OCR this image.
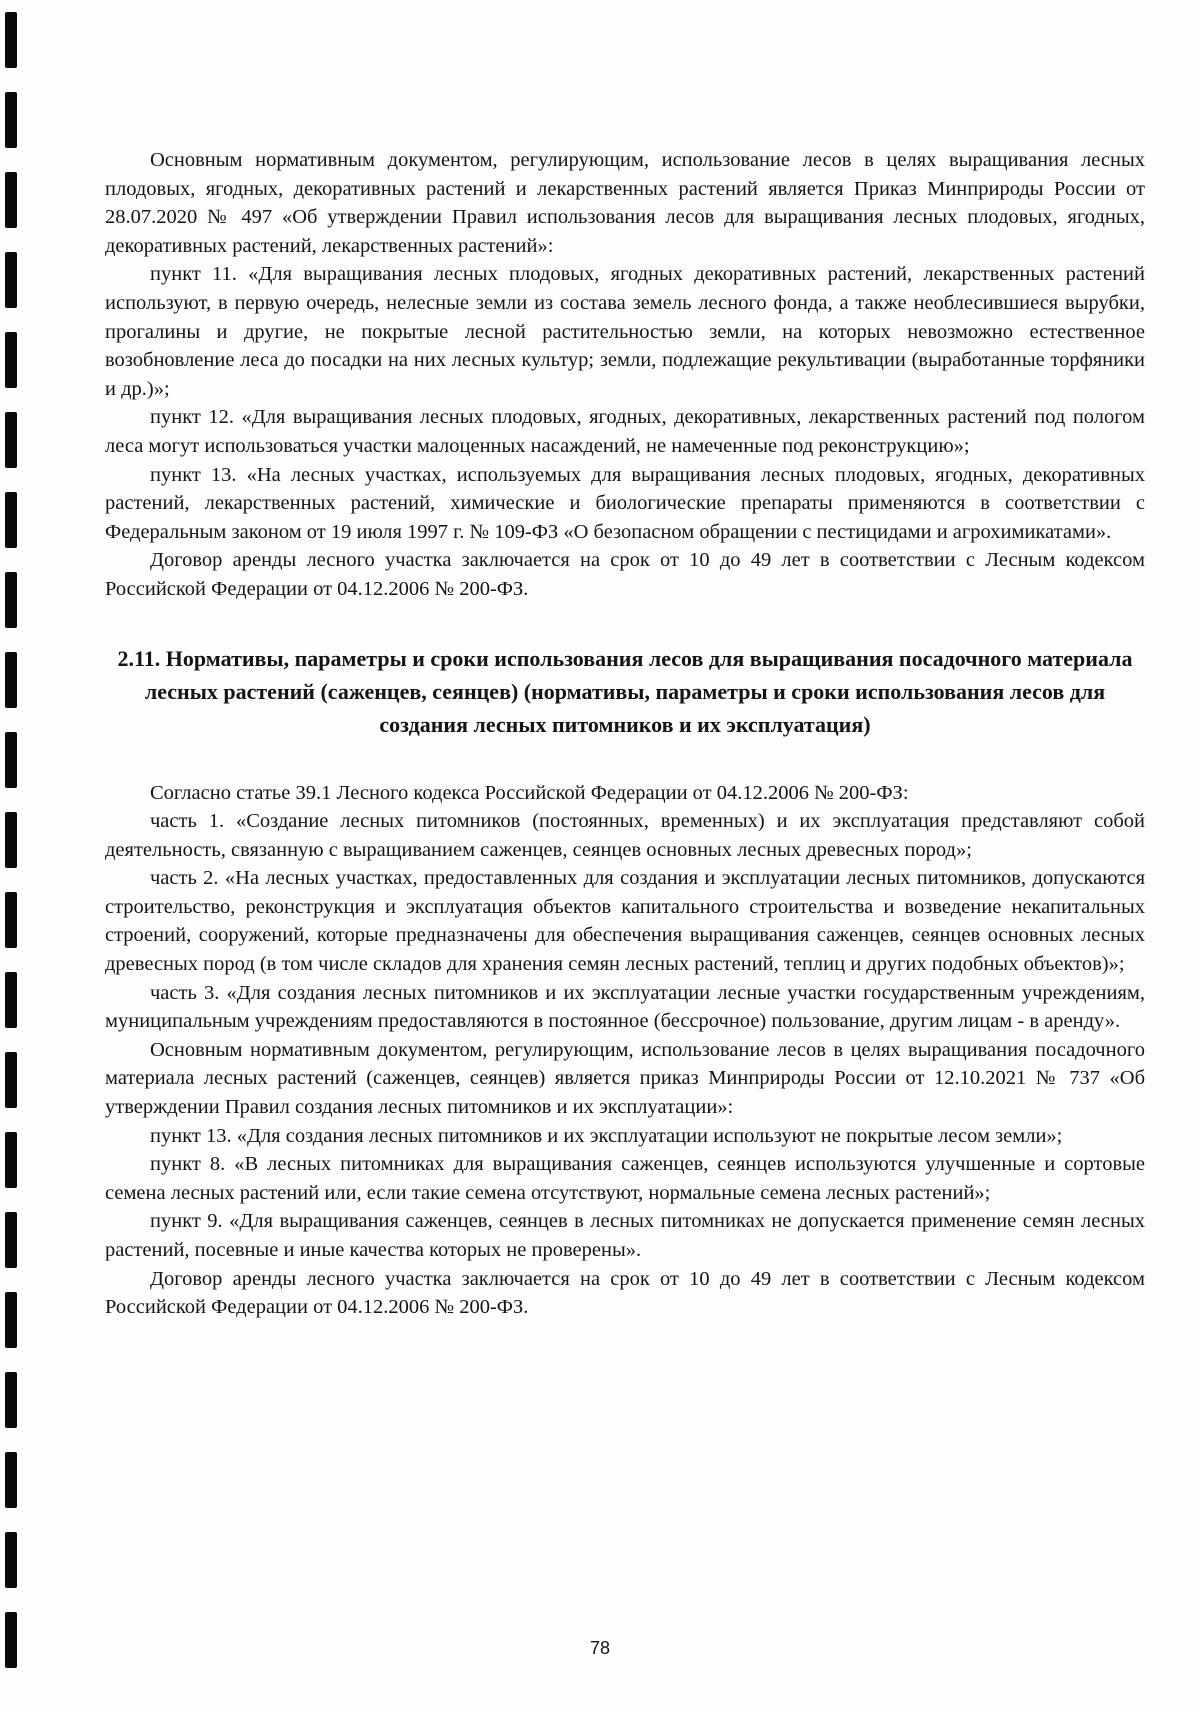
Основным нормативным документом, регулирующим, использование лесов в целях выращивания лесных плодовых, ягодных, декоративных растений и лекарственных растений является Приказ Минприроды России от 28.07.2020 № 497 «Об утверждении Правил использования лесов для выращивания лесных плодовых, ягодных, декоративных растений, лекарственных растений»:

пункт 11. «Для выращивания лесных плодовых, ягодных декоративных растений, лекарственных растений используют, в первую очередь, нелесные земли из состава земель лесного фонда, а также необлесившиеся вырубки, прогалины и другие, не покрытые лесной растительностью земли, на которых невозможно естественное возобновление леса до посадки на них лесных культур; земли, подлежащие рекультивации (выработанные торфяники и др.)»;

пункт 12. «Для выращивания лесных плодовых, ягодных, декоративных, лекарственных растений под пологом леса могут использоваться участки малоценных насаждений, не намеченные под реконструкцию»;

пункт 13. «На лесных участках, используемых для выращивания лесных плодовых, ягодных, декоративных растений, лекарственных растений, химические и биологические препараты применяются в соответствии с Федеральным законом от 19 июля 1997 г. № 109-ФЗ «О безопасном обращении с пестицидами и агрохимикатами».

Договор аренды лесного участка заключается на срок от 10 до 49 лет в соответствии с Лесным кодексом Российской Федерации от 04.12.2006 № 200-ФЗ.

2.11. Нормативы, параметры и сроки использования лесов для выращивания посадочного материала лесных растений (саженцев, сеянцев) (нормативы, параметры и сроки использования лесов для создания лесных питомников и их эксплуатация)

Согласно статье 39.1 Лесного кодекса Российской Федерации от 04.12.2006 № 200-ФЗ:

часть 1. «Создание лесных питомников (постоянных, временных) и их эксплуатация представляют собой деятельность, связанную с выращиванием саженцев, сеянцев основных лесных древесных пород»;

часть 2. «На лесных участках, предоставленных для создания и эксплуатации лесных питомников, допускаются строительство, реконструкция и эксплуатация объектов капитального строительства и возведение некапитальных строений, сооружений, которые предназначены для обеспечения выращивания саженцев, сеянцев основных лесных древесных пород (в том числе складов для хранения семян лесных растений, теплиц и других подобных объектов)»;

часть 3. «Для создания лесных питомников и их эксплуатации лесные участки государственным учреждениям, муниципальным учреждениям предоставляются в постоянное (бессрочное) пользование, другим лицам - в аренду».

Основным нормативным документом, регулирующим, использование лесов в целях выращивания посадочного материала лесных растений (саженцев, сеянцев) является приказ Минприроды России от 12.10.2021 № 737 «Об утверждении Правил создания лесных питомников и их эксплуатации»:

пункт 13. «Для создания лесных питомников и их эксплуатации используют не покрытые лесом земли»;

пункт 8. «В лесных питомниках для выращивания саженцев, сеянцев используются улучшенные и сортовые семена лесных растений или, если такие семена отсутствуют, нормальные семена лесных растений»;

пункт 9. «Для выращивания саженцев, сеянцев в лесных питомниках не допускается применение семян лесных растений, посевные и иные качества которых не проверены».

Договор аренды лесного участка заключается на срок от 10 до 49 лет в соответствии с Лесным кодексом Российской Федерации от 04.12.2006 № 200-ФЗ.

78
